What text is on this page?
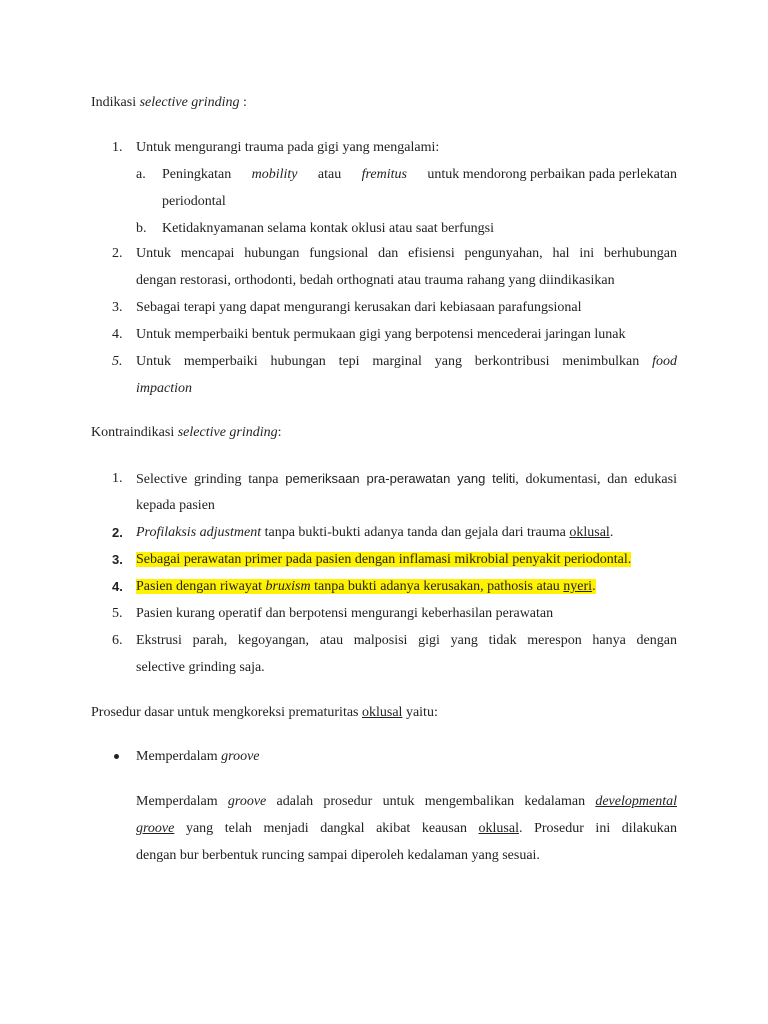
Indikasi selective grinding :
1. Untuk mengurangi trauma pada gigi yang mengalami:
a. Peningkatan mobility atau fremitus untuk mendorong perbaikan pada perlekatan
periodontal
b. Ketidaknyamanan selama kontak oklusi atau saat berfungsi
2. Untuk mencapai hubungan fungsional dan efisiensi pengunyahan, hal ini berhubungan
dengan restorasi, orthodonti, bedah orthognati atau trauma rahang yang diindikasikan
3. Sebagai terapi yang dapat mengurangi kerusakan dari kebiasaan parafungsional
4. Untuk memperbaiki bentuk permukaan gigi yang berpotensi mencederai jaringan lunak
5. Untuk memperbaiki hubungan tepi marginal yang berkontribusi menimbulkan food
impaction
Kontraindikasi selective grinding:
1. Selective grinding tanpa pemeriksaan pra-perawatan yang teliti, dokumentasi, dan edukasi
kepada pasien
2. Profilaksis adjustment tanpa bukti-bukti adanya tanda dan gejala dari trauma oklusal.
3. Sebagai perawatan primer pada pasien dengan inflamasi mikrobial penyakit periodontal.
4. Pasien dengan riwayat bruxism tanpa bukti adanya kerusakan, pathosis atau nyeri.
5. Pasien kurang operatif dan berpotensi mengurangi keberhasilan perawatan
6. Ekstrusi parah, kegoyangan, atau malposisi gigi yang tidak merespon hanya dengan
selective grinding saja.
Prosedur dasar untuk mengkoreksi prematuritas oklusal yaitu:
Memperdalam groove
Memperdalam groove adalah prosedur untuk mengembalikan kedalaman developmental
groove yang telah menjadi dangkal akibat keausan oklusal. Prosedur ini dilakukan
dengan bur berbentuk runcing sampai diperoleh kedalaman yang sesuai.
